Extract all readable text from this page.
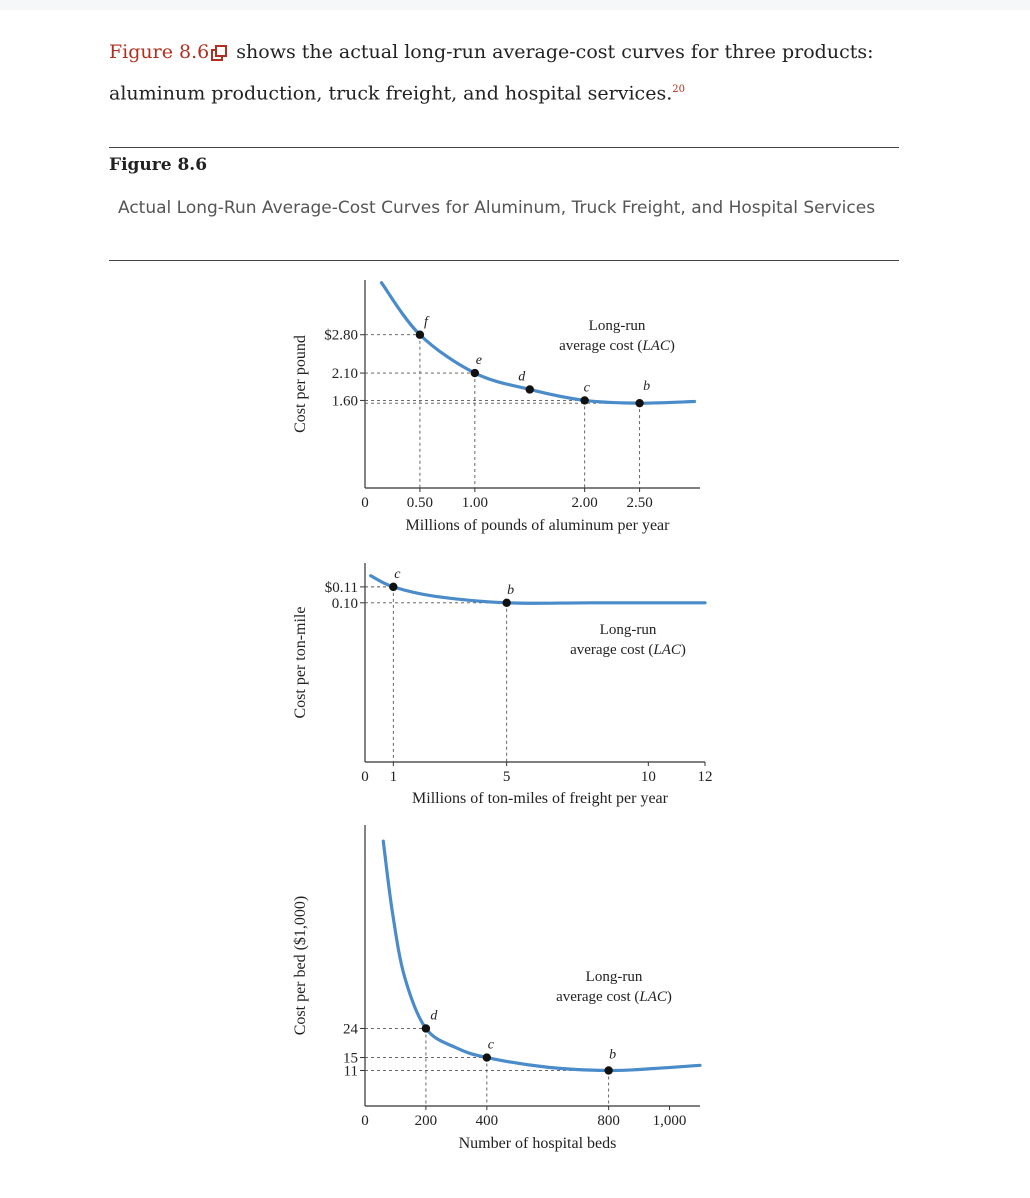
Figure 8.6
shows the actual long-run average-cost curves for three products:
aluminum production, truck freight, and hospital services.$^{20}$
Figure 8.6
Actual Long-Run Average-Cost Curves for Aluminum, Truck Freight, and Hospital Services
Cost per pound
Millions of pounds of aluminum per year
$2.80
2.10
1.60
0	0.50 1.00	2.00 2.50
f
e
d
c	b
Long-run
average cost (LAC)
Cost per ton-mile
Millions of ton-miles of freight per year
$0.11
0.10
0 1	5	10	12
c
b
Long-run
average cost (LAC)
Cost per bed ($1,000)
Number of hospital beds
24
15
11
0	200	400	800 1,000
d
c
b
Long-run
average cost (LAC)
